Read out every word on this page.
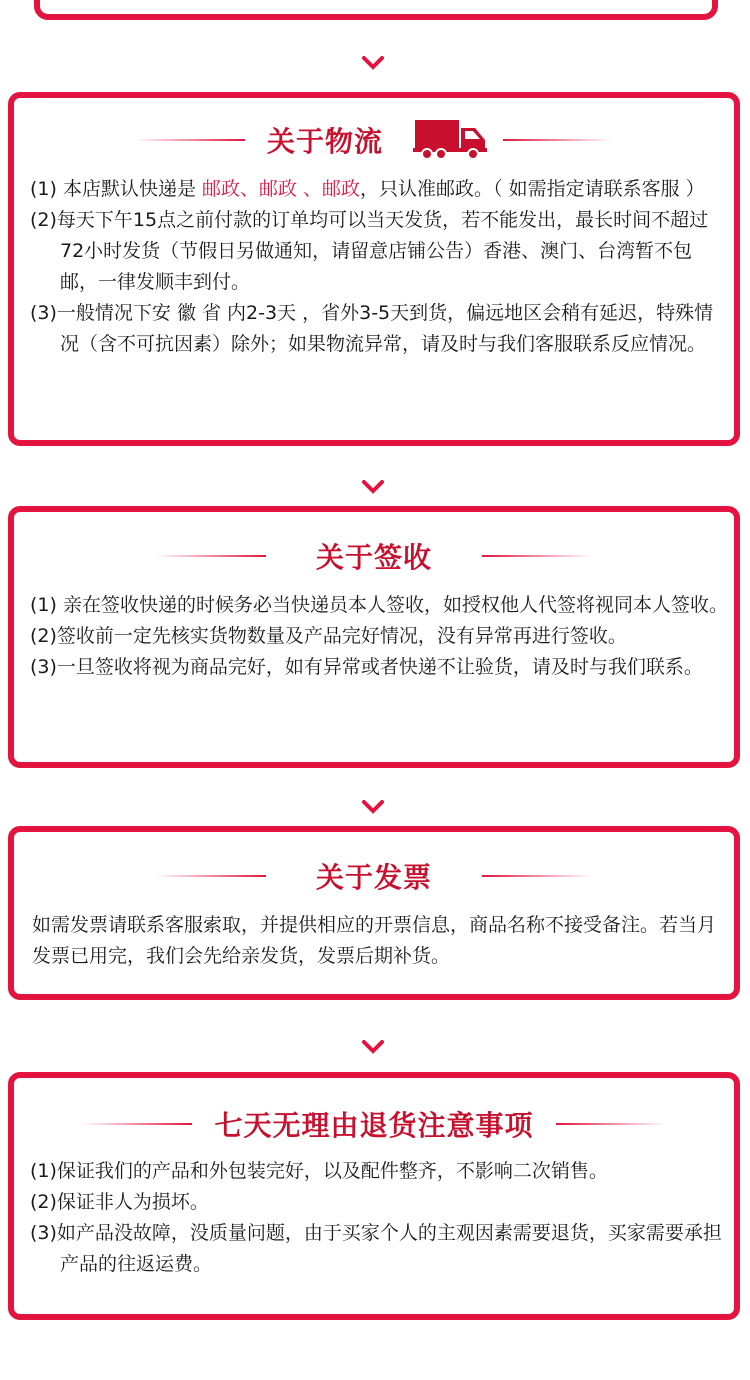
关于物流

(1) 本店默认快递是 邮政、邮政 、邮政，只认准邮政。（ 如需指定请联系客服 ）

(2)每天下午15点之前付款的订单均可以当天发货，若不能发出，最长时间不超过72小时发货（节假日另做通知，请留意店铺公告）香港、澳门、台湾暂不包邮，一律发顺丰到付。

(3)一般情况下安 徽 省 内2-3天 ，省外3-5天到货，偏远地区会稍有延迟，特殊情况（含不可抗因素）除外；如果物流异常，请及时与我们客服联系反应情况。

关于签收

(1) 亲在签收快递的时候务必当快递员本人签收，如授权他人代签将视同本人签收。

(2)签收前一定先核实货物数量及产品完好情况，没有异常再进行签收。

(3)一旦签收将视为商品完好，如有异常或者快递不让验货，请及时与我们联系。

关于发票
如需发票请联系客服索取，并提供相应的开票信息，商品名称不接受备注。若当月发票已用完，我们会先给亲发货，发票后期补货。
七天无理由退货注意事项

(1)保证我们的产品和外包装完好，以及配件整齐，不影响二次销售。

(2)保证非人为损坏。

(3)如产品没故障，没质量问题，由于买家个人的主观因素需要退货，买家需要承担产品的往返运费。
